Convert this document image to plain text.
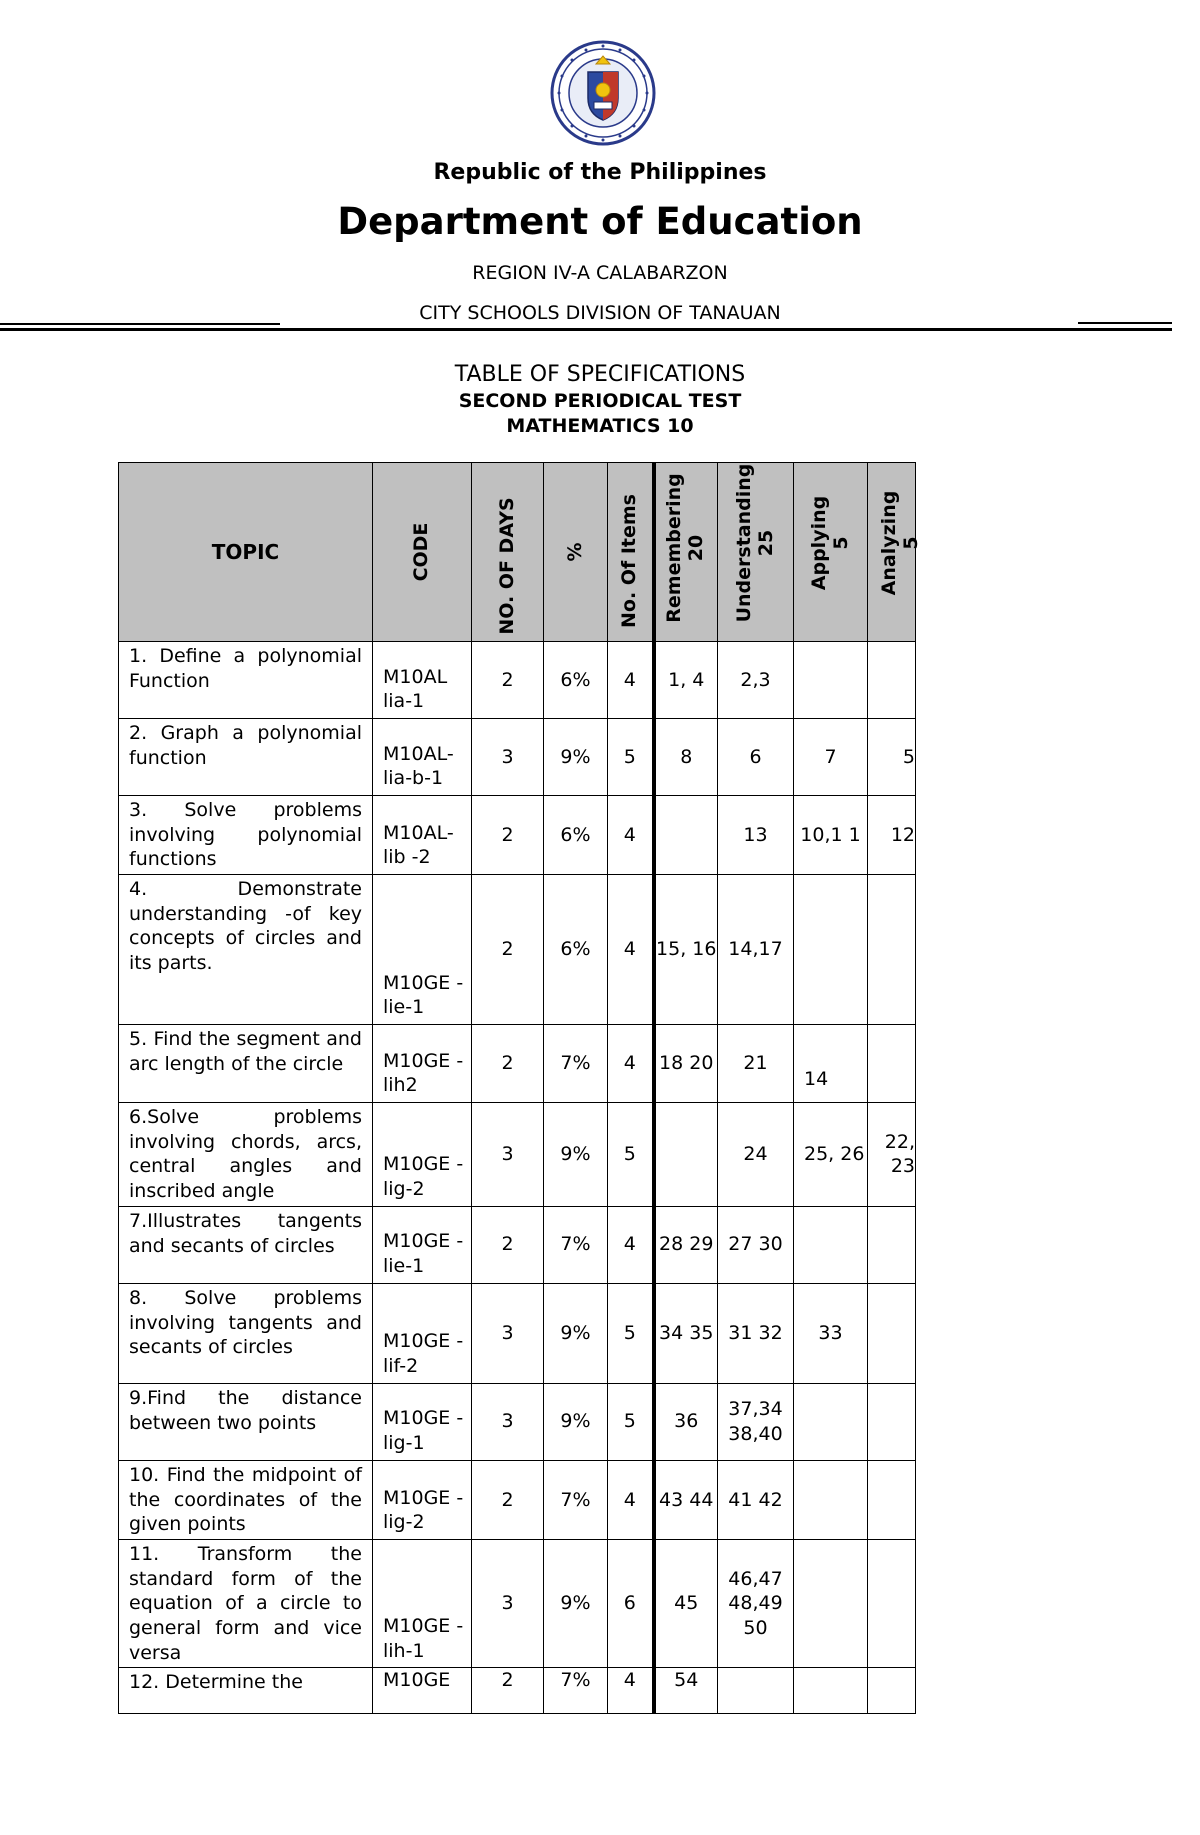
Republic of the Philippines
Department of Education
REGION IV-A CALABARZON
CITY SCHOOLS DIVISION OF TANAUAN
TABLE OF SPECIFICATIONS
SECOND PERIODICAL TEST
MATHEMATICS 10
TOPIC	CODE	NO. OF DAYS	%	No. Of Items	Remembering 20	Understanding 25	Applying 5	Analyzing 5

1. Define a polynomial Function	M10AL lia-1	2	6%	4	1, 4	2,3		
2. Graph a polynomial function	M10AL-lia-b-1	3	9%	5	8	6	7	5
3. Solve problems involving polynomial functions	M10AL-lib -2	2	6%	4		13	10,1 1	12
4. Demonstrate understanding -of key concepts of circles and its parts.	M10GE -lie-1	2	6%	4	15, 16	14,17		
5. Find the segment and arc length of the circle	M10GE - lih2	2	7%	4	18 20	21	14	
6.Solve problems involving chords, arcs, central angles and inscribed angle	M10GE -lig-2	3	9%	5		24	25, 26	22, 23
7.Illustrates tangents and secants of circles	M10GE -lie-1	2	7%	4	28 29	27 30		
8. Solve problems involving tangents and secants of circles	M10GE -lif-2	3	9%	5	34 35	31 32	33	
9.Find the distance between two points	M10GE -lig-1	3	9%	5	36	37,34 38,40		
10. Find the midpoint of the coordinates of the given points	M10GE -lig-2	2	7%	4	43 44	41 42		
11. Transform the standard form of the equation of a circle to general form and vice versa	M10GE -lih-1	3	9%	6	45	46,47 48,49 50		
12. Determine the	M10GE	2	7%	4	54			
